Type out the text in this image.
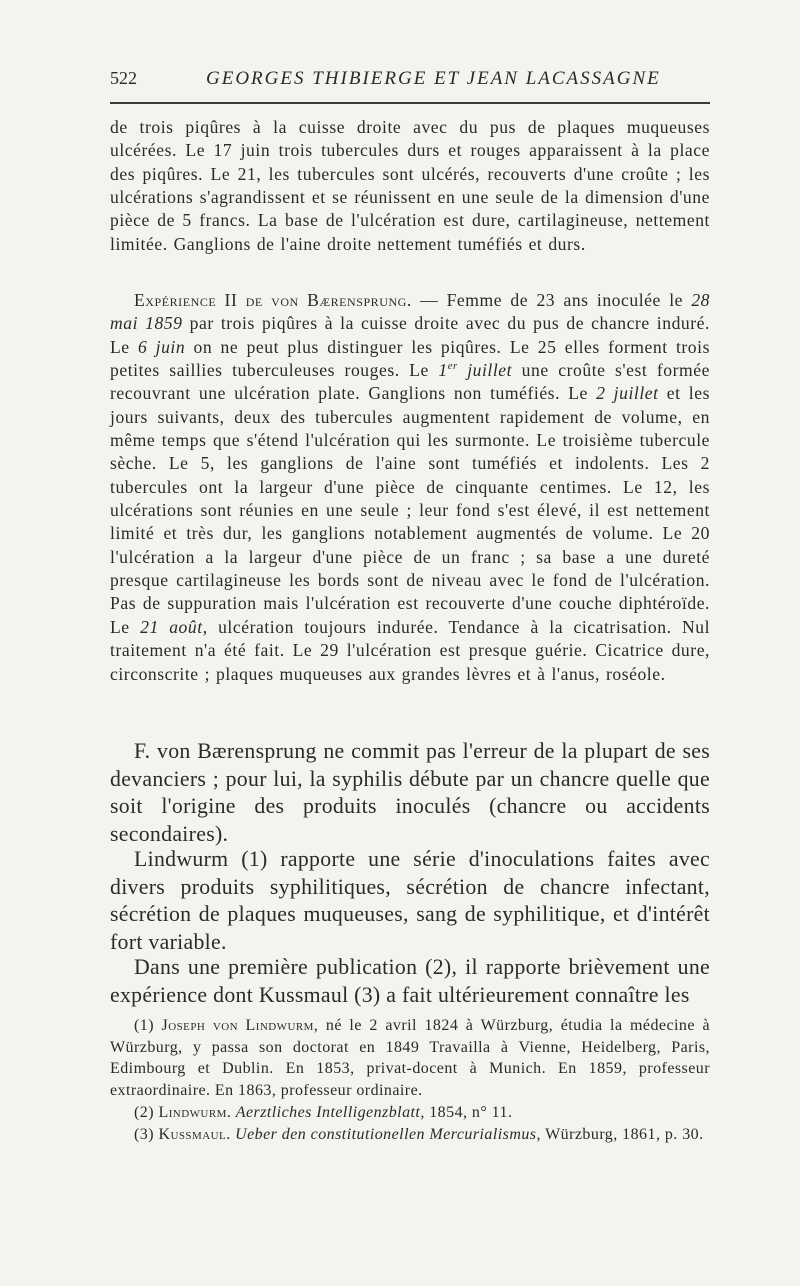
522	GEORGES THIBIERGE ET JEAN LACASSAGNE

de trois piqûres à la cuisse droite avec du pus de plaques muqueuses ulcérées. Le 17 juin trois tubercules durs et rouges apparaissent à la place des piqûres. Le 21, les tubercules sont ulcérés, recouverts d'une croûte ; les ulcérations s'agrandissent et se réunissent en une seule de la dimension d'une pièce de 5 francs. La base de l'ulcération est dure, cartilagineuse, nettement limitée. Ganglions de l'aine droite nettement tuméfiés et durs.

Expérience II de von Bærensprung. — Femme de 23 ans inoculée le 28 mai 1859 par trois piqûres à la cuisse droite avec du pus de chancre induré. Le 6 juin on ne peut plus distinguer les piqûres. Le 25 elles forment trois petites saillies tuberculeuses rouges. Le 1er juillet une croûte s'est formée recouvrant une ulcération plate. Ganglions non tuméfiés. Le 2 juillet et les jours suivants, deux des tubercules augmentent rapidement de volume, en même temps que s'étend l'ulcération qui les surmonte. Le troisième tubercule sèche. Le 5, les ganglions de l'aine sont tuméfiés et indolents. Les 2 tubercules ont la largeur d'une pièce de cinquante centimes. Le 12, les ulcérations sont réunies en une seule ; leur fond s'est élevé, il est nettement limité et très dur, les ganglions notablement augmentés de volume. Le 20 l'ulcération a la largeur d'une pièce de un franc ; sa base a une dureté presque cartilagineuse les bords sont de niveau avec le fond de l'ulcération. Pas de suppuration mais l'ulcération est recouverte d'une couche diphtéroïde. Le 21 août, ulcération toujours indurée. Tendance à la cicatrisation. Nul traitement n'a été fait. Le 29 l'ulcération est presque guérie. Cicatrice dure, circonscrite ; plaques muqueuses aux grandes lèvres et à l'anus, roséole.

F. von Bærensprung ne commit pas l'erreur de la plupart de ses devanciers ; pour lui, la syphilis débute par un chancre quelle que soit l'origine des produits inoculés (chancre ou accidents secondaires).

Lindwurm (1) rapporte une série d'inoculations faites avec divers produits syphilitiques, sécrétion de chancre infectant, sécrétion de plaques muqueuses, sang de syphilitique, et d'intérêt fort variable.

Dans une première publication (2), il rapporte brièvement une expérience dont Kussmaul (3) a fait ultérieurement connaître les

(1) Joseph von Lindwurm, né le 2 avril 1824 à Würzburg, étudia la médecine à Würzburg, y passa son doctorat en 1849 Travailla à Vienne, Heidelberg, Paris, Edimbourg et Dublin. En 1853, privat-docent à Munich. En 1859, professeur extraordinaire. En 1863, professeur ordinaire.

(2) Lindwurm. Aerztliches Intelligenzblatt, 1854, n° 11.

(3) Kussmaul. Ueber den constitutionellen Mercurialismus, Würzburg, 1861, p. 30.
